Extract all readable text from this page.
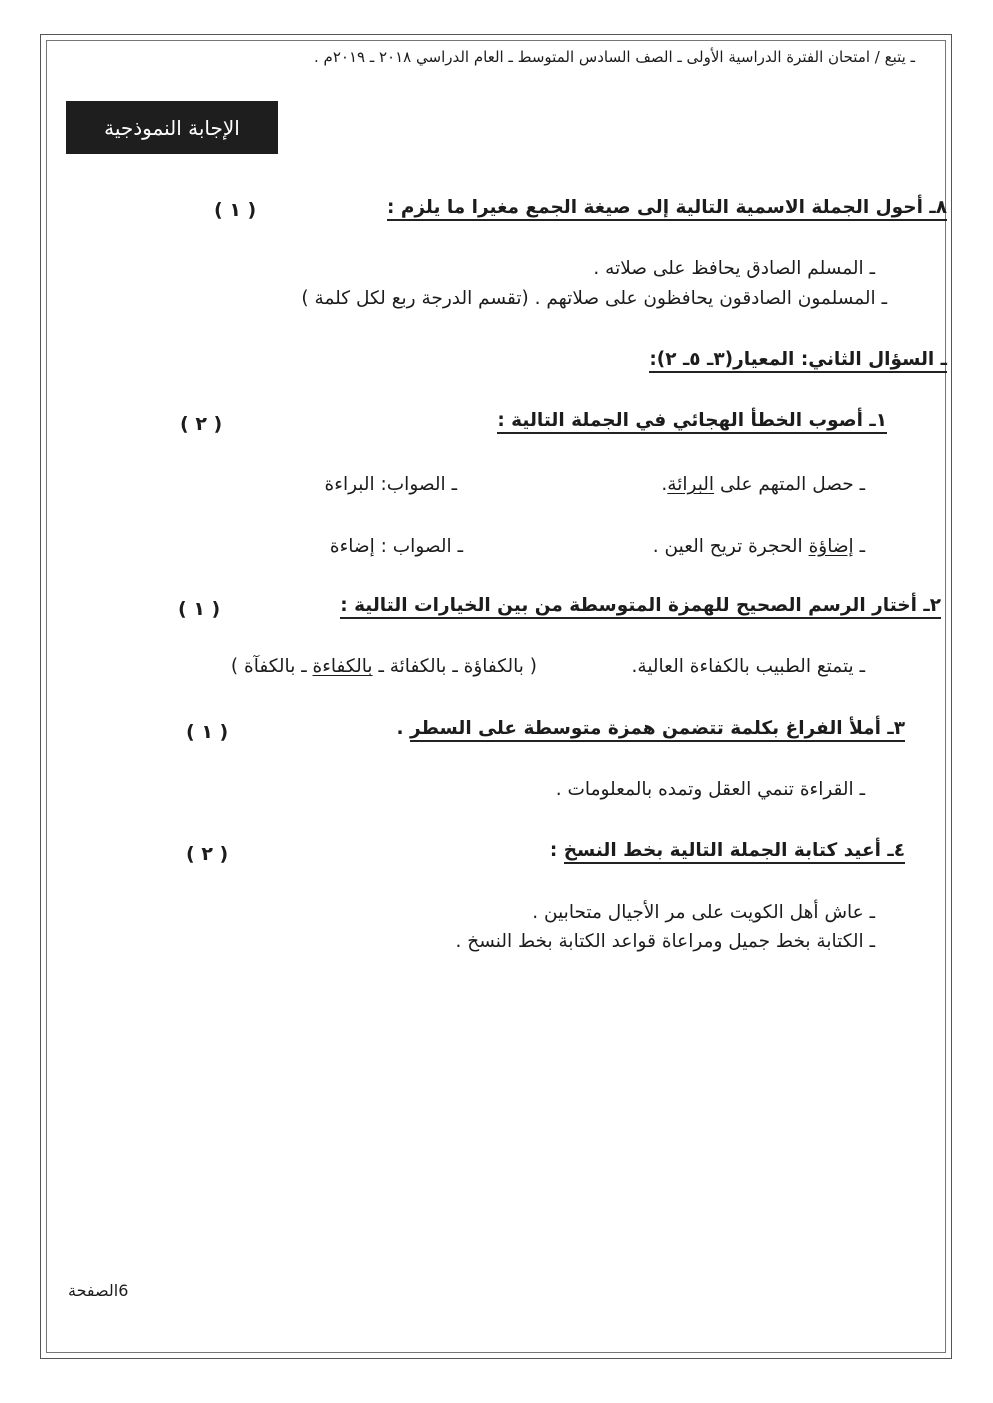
ـ يتبع / امتحان الفترة الدراسية الأولى ـ الصف السادس المتوسط ـ العام الدراسي ٢٠١٨ ـ ٢٠١٩م .
الإجابة النموذجية
٨ـ أحول الجملة الاسمية التالية إلى صيغة الجمع مغيرا ما يلزم :
( ١ )
ـ المسلم الصادق يحافظ على صلاته .
ـ المسلمون الصادقون يحافظون على صلاتهم . (تقسم الدرجة ربع لكل كلمة )
ـ السؤال الثاني: المعيار(٣ـ ٥ـ ٢):
١ـ أصوب الخطأ الهجائي في الجملة التالية :
( ٢ )
ـ حصل المتهم على البرائة.
ـ الصواب: البراءة
ـ إضاؤة الحجرة تريح العين .
ـ الصواب : إضاءة
٢ـ أختار الرسم الصحيح للهمزة المتوسطة من بين الخيارات التالية :
( ١ )
ـ يتمتع الطبيب بالكفاءة العالية.
( بالكفاؤة ـ بالكفائة ـ بالكفاءة ـ بالكفآة )
٣ـ أملأ الفراغ بكلمة تتضمن همزة متوسطة على السطر .
( ١ )
ـ القراءة تنمي العقل وتمده بالمعلومات .
٤ـ أعيد كتابة الجملة التالية بخط النسخ :
( ٢ )
ـ عاش أهل الكويت على مر الأجيال متحابين .
ـ الكتابة بخط جميل ومراعاة قواعد الكتابة بخط النسخ .
6الصفحة
